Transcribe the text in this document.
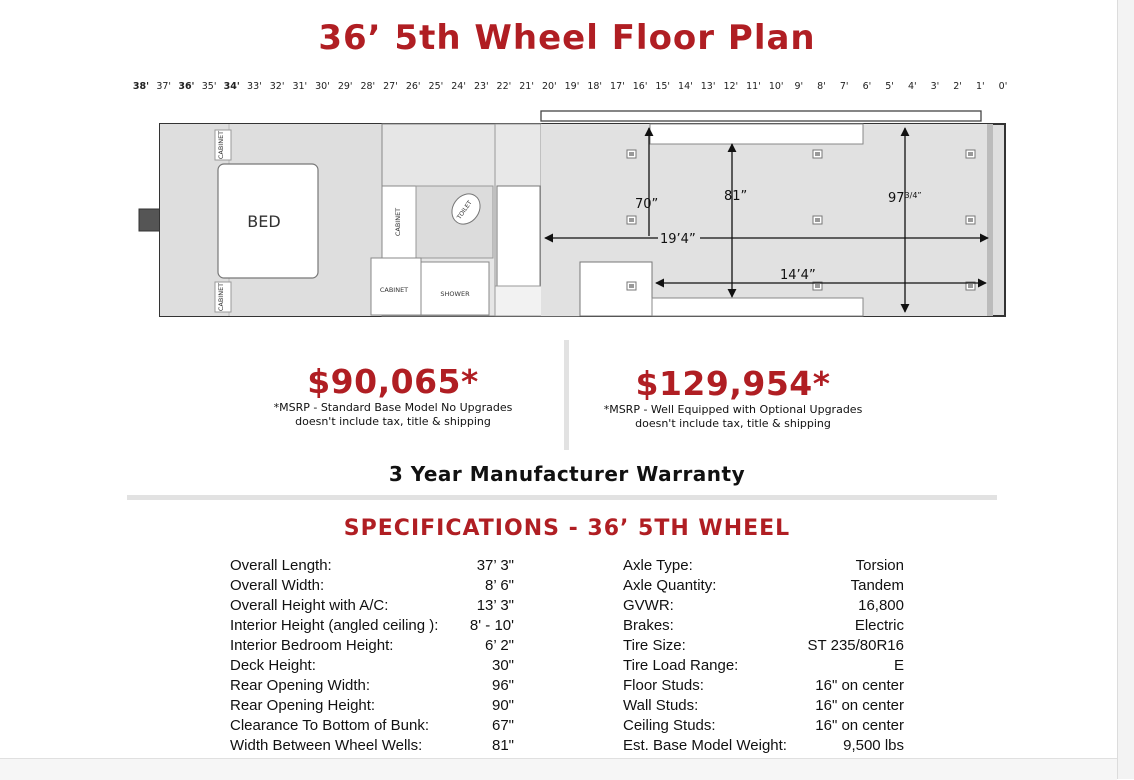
36’ 5th Wheel Floor Plan
38' 37' 36' 35' 34' 33' 32' 31' 30' 29' 28' 27' 26' 25' 24' 23' 22' 21' 20' 19' 18' 17' 16' 15' 14' 13' 12' 11' 10' 9' 8' 7' 6' 5' 4' 3' 2' 1' 0'
CABINET
CABINET
BED	CABINET	TOILET
CABINET	SHOWER
70”
81”	$97^{3/4”}$
19’4”
14’4”
$90,065*
*MSRP - Standard Base Model No Upgrades
doesn't include tax, title & shipping
$129,954*
*MSRP - Well Equipped with Optional Upgrades
doesn't include tax, title & shipping
3 Year Manufacturer Warranty
SPECIFICATIONS - 36’ 5TH WHEEL
Overall Length:	37’ 3"
Overall Width:	8’ 6"
Overall Height with A/C:	13’ 3"
Interior Height (angled ceiling ): 8' - 10'
Interior Bedroom Height:	6’ 2"
Deck Height:	30"
Rear Opening Width:	96"
Rear Opening Height:	90"
Clearance To Bottom of Bunk:	67"
Width Between Wheel Wells:	81"
Axle Type:	Torsion
Axle Quantity:	Tandem
GVWR:	16,800
Brakes:	Electric
Tire Size:	ST 235/80R16
Tire Load Range:	E
Floor Studs:	16" on center
Wall Studs:	16" on center
Ceiling Studs:	16" on center
Est. Base Model Weight:	9,500 lbs
